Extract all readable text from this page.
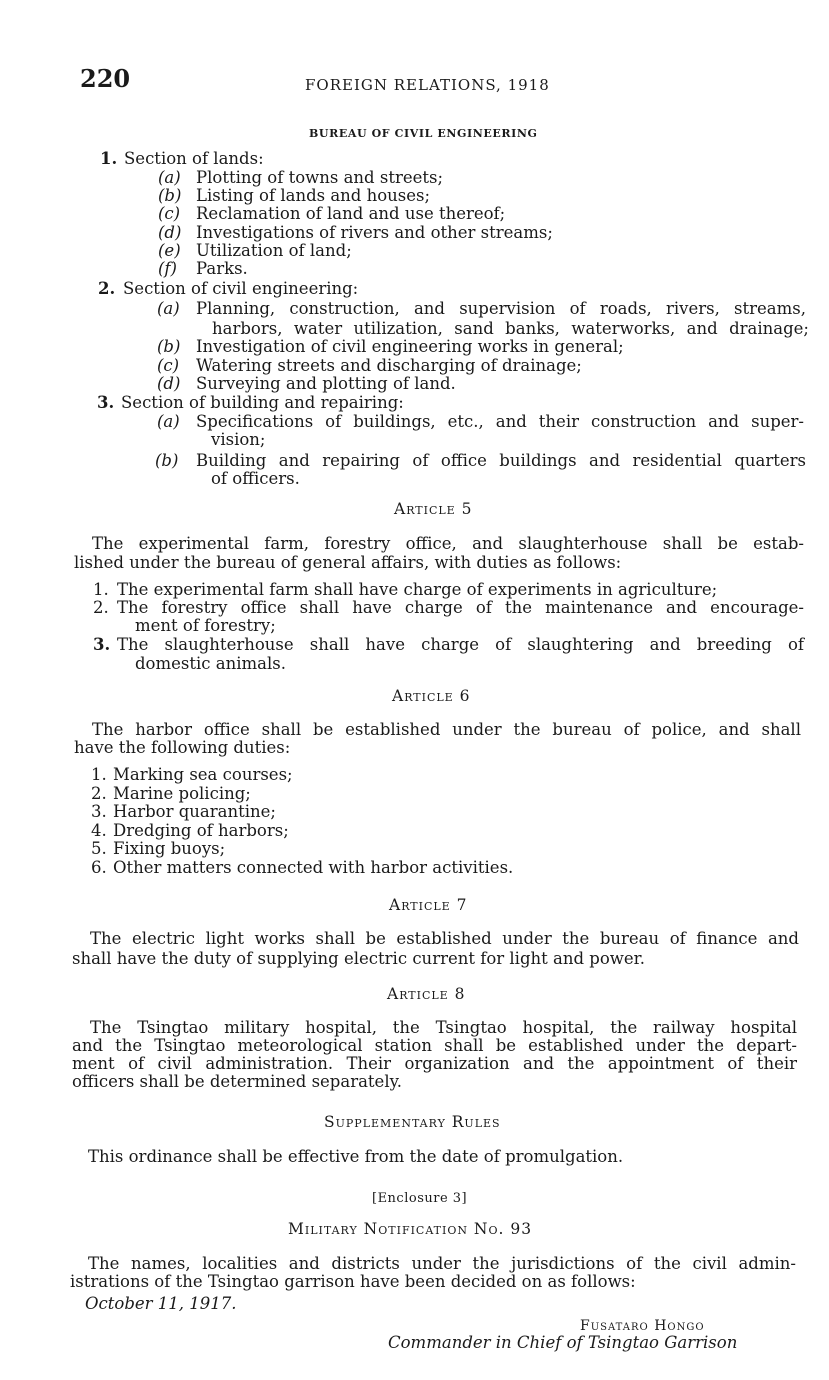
220	FOREIGN RELATIONS, 1918
BUREAU OF CIVIL ENGINEERING
1. Section of lands:
(a) Plotting of towns and streets;
(b) Listing of lands and houses;
(c) Reclamation of land and use thereof;
(d) Investigations of rivers and other streams;
(e) Utilization of land;
(f) Parks.
2. Section of civil engineering:
(a) Planning, construction, and supervision of roads, rivers, streams,
harbors, water utilization, sand banks, waterworks, and drainage;
(b) Investigation of civil engineering works in general;
(c) Watering streets and discharging of drainage;
(d) Surveying and plotting of land.
3. Section of building and repairing:
(a) Specifications of buildings, etc., and their construction and super-
vision;
(b) Building and repairing of office buildings and residential quarters
of officers.
Article 5
The experimental farm, forestry office, and slaughterhouse shall be estab-
lished under the bureau of general affairs, with duties as follows:
1. The experimental farm shall have charge of experiments in agriculture;
2. The forestry office shall have charge of the maintenance and encourage-
ment of forestry;
3. The slaughterhouse shall have charge of slaughtering and breeding of
domestic animals.
Article 6
The harbor office shall be established under the bureau of police, and shall
have the following duties:
1. Marking sea courses;
2. Marine policing;
3. Harbor quarantine;
4. Dredging of harbors;
5. Fixing buoys;
6. Other matters connected with harbor activities.
Article 7
The electric light works shall be established under the bureau of finance and
shall have the duty of supplying electric current for light and power.
Article 8
The Tsingtao military hospital, the Tsingtao hospital, the railway hospital
and the Tsingtao meteorological station shall be established under the depart-
ment of civil administration. Their organization and the appointment of their
officers shall be determined separately.
Supplementary Rules
This ordinance shall be effective from the date of promulgation.
[Enclosure 3]
Military Notification No. 93
The names, localities and districts under the jurisdictions of the civil admin-
istrations of the Tsingtao garrison have been decided on as follows:
October 11, 1917.
Fusataro Hongo
Commander in Chief of Tsingtao Garrison
